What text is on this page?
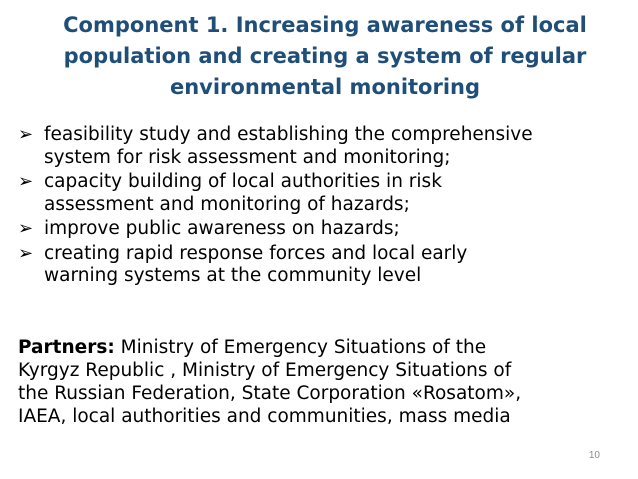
Component 1. Increasing awareness of local
population and creating a system of regular
environmental monitoring
➢ feasibility study and establishing the comprehensive
system for risk assessment and monitoring;
➢ capacity building of local authorities in risk
assessment and monitoring of hazards;
➢ improve public awareness on hazards;
➢ creating rapid response forces and local early
warning systems at the community level
Partners: Ministry of Emergency Situations of the
Kyrgyz Republic , Ministry of Emergency Situations of
the Russian Federation, State Corporation «Rosatom»,
IAEA, local authorities and communities, mass media
10
